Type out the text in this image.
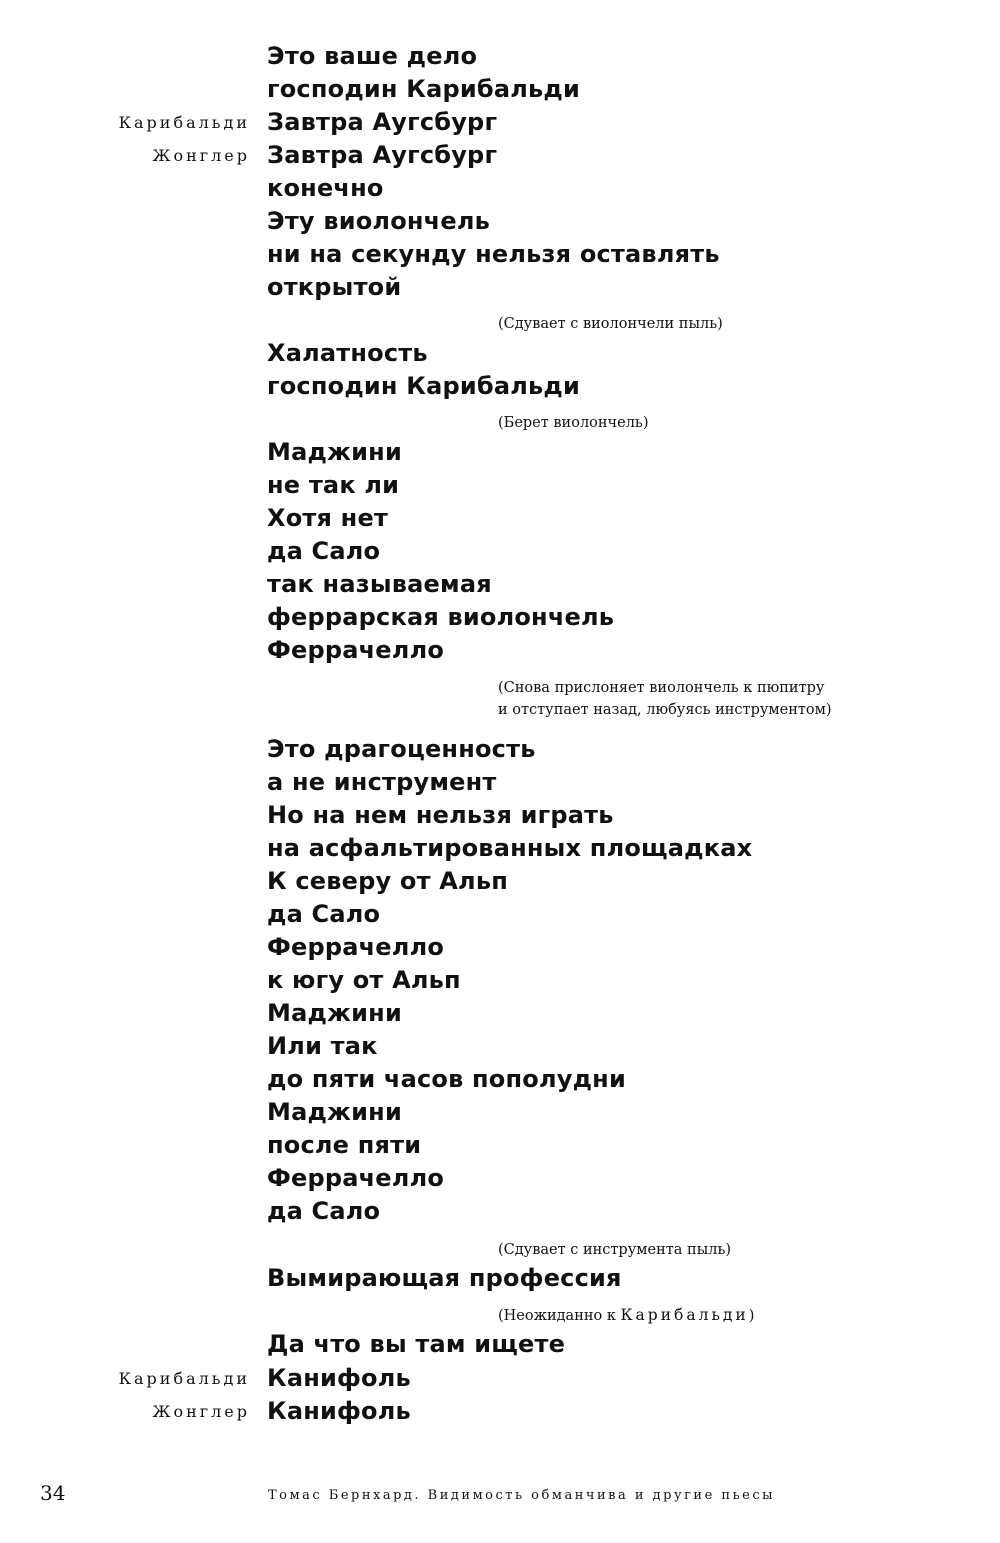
Это ваше дело
господин Карибальди
Карибальди Завтра Аугсбург
Жонглер Завтра Аугсбург
конечно
Эту виолончель
ни на секунду нельзя оставлять
открытой
(Сдувает с виолончели пыль)
Халатность
господин Карибальди
(Берет виолончель)
Маджини
не так ли
Хотя нет
да Сало
так называемая
феррарская виолончель
Феррачелло
(Снова прислоняет виолончель к пюпитру
и отступает назад, любуясь инструментом)
Это драгоценность
а не инструмент
Но на нем нельзя играть
на асфальтированных площадках
К северу от Альп
да Сало
Феррачелло
к югу от Альп
Маджини
Или так
до пяти часов пополудни
Маджини
после пяти
Феррачелло
да Сало
(Сдувает с инструмента пыль)
Вымирающая профессия
(Неожиданно к Карибальди)
Да что вы там ищете
Карибальди Канифоль
Жонглер Канифоль
34	Томас Бернхард. Видимость обманчива и другие пьесы
